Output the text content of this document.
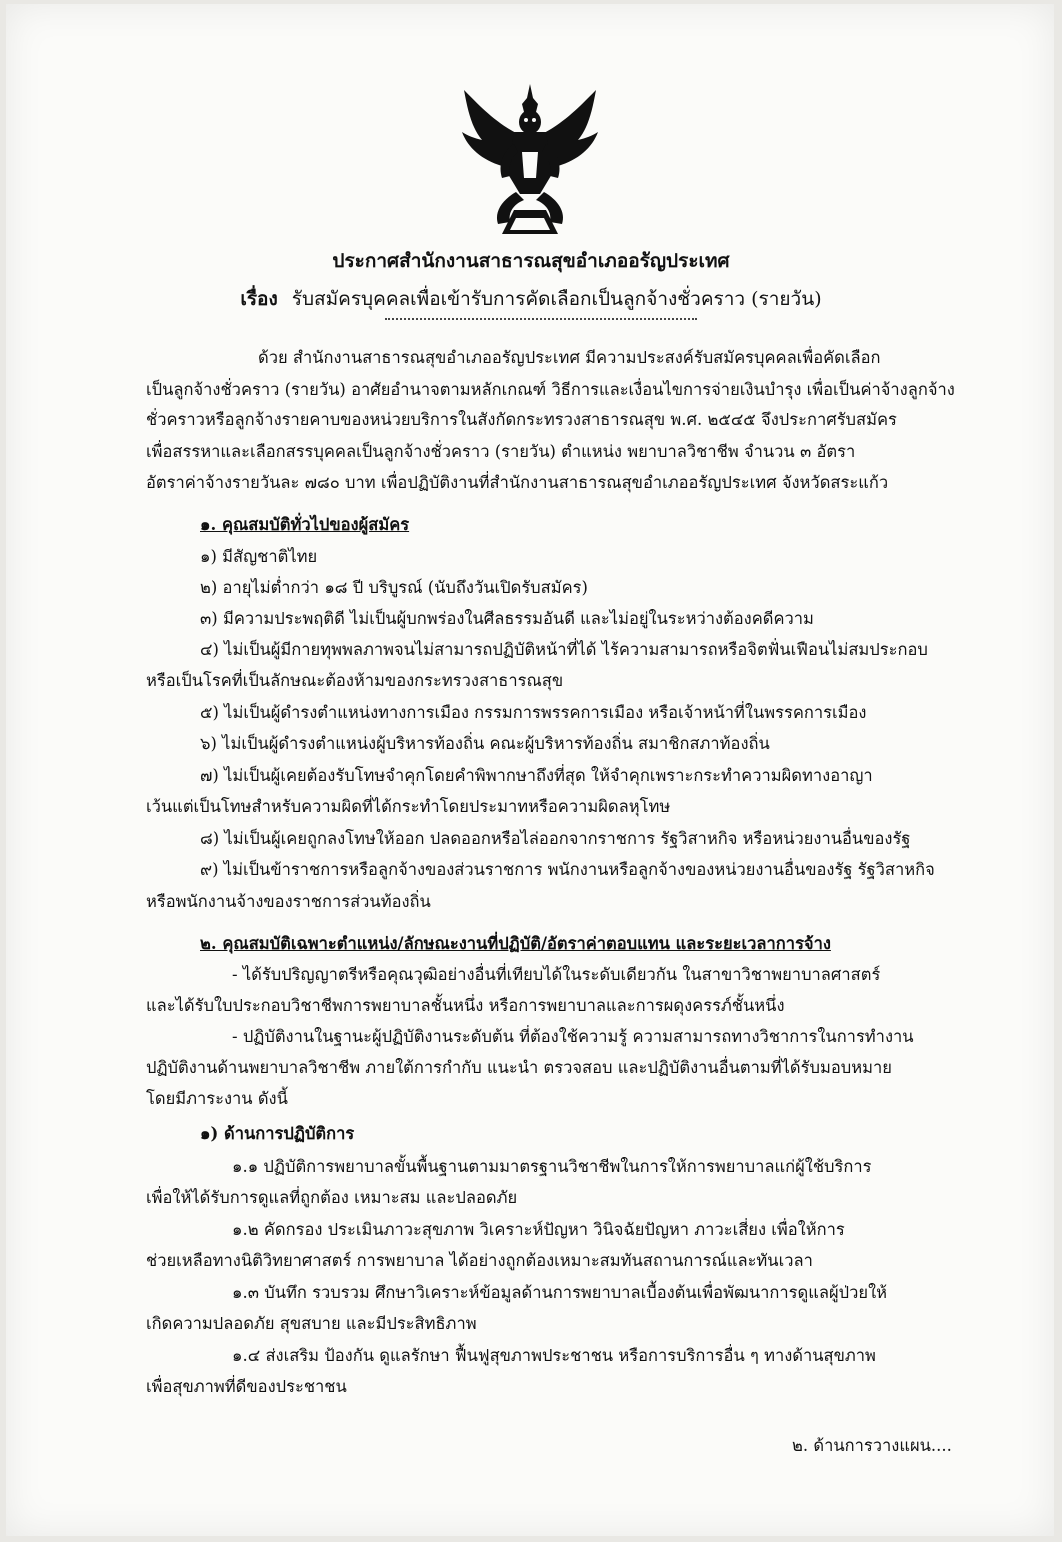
ประกาศสำนักงานสาธารณสุขอำเภออรัญประเทศ
เรื่อง รับสมัครบุคคลเพื่อเข้ารับการคัดเลือกเป็นลูกจ้างชั่วคราว (รายวัน)
ด้วย สำนักงานสาธารณสุขอำเภออรัญประเทศ มีความประสงค์รับสมัครบุคคลเพื่อคัดเลือก
เป็นลูกจ้างชั่วคราว (รายวัน) อาศัยอำนาจตามหลักเกณฑ์ วิธีการและเงื่อนไขการจ่ายเงินบำรุง เพื่อเป็นค่าจ้างลูกจ้าง
ชั่วคราวหรือลูกจ้างรายคาบของหน่วยบริการในสังกัดกระทรวงสาธารณสุข พ.ศ. ๒๕๔๕ จึงประกาศรับสมัคร
เพื่อสรรหาและเลือกสรรบุคคลเป็นลูกจ้างชั่วคราว (รายวัน) ตำแหน่ง พยาบาลวิชาชีพ จำนวน ๓ อัตรา
อัตราค่าจ้างรายวันละ ๗๘๐ บาท เพื่อปฏิบัติงานที่สำนักงานสาธารณสุขอำเภออรัญประเทศ จังหวัดสระแก้ว
๑. คุณสมบัติทั่วไปของผู้สมัคร
๑) มีสัญชาติไทย
๒) อายุไม่ต่ำกว่า ๑๘ ปี บริบูรณ์ (นับถึงวันเปิดรับสมัคร)
๓) มีความประพฤติดี ไม่เป็นผู้บกพร่องในศีลธรรมอันดี และไม่อยู่ในระหว่างต้องคดีความ
๔) ไม่เป็นผู้มีกายทุพพลภาพจนไม่สามารถปฏิบัติหน้าที่ได้ ไร้ความสามารถหรือจิตฟั่นเฟือนไม่สมประกอบ
หรือเป็นโรคที่เป็นลักษณะต้องห้ามของกระทรวงสาธารณสุข
๕) ไม่เป็นผู้ดำรงตำแหน่งทางการเมือง กรรมการพรรคการเมือง หรือเจ้าหน้าที่ในพรรคการเมือง
๖) ไม่เป็นผู้ดำรงตำแหน่งผู้บริหารท้องถิ่น คณะผู้บริหารท้องถิ่น สมาชิกสภาท้องถิ่น
๗) ไม่เป็นผู้เคยต้องรับโทษจำคุกโดยคำพิพากษาถึงที่สุด ให้จำคุกเพราะกระทำความผิดทางอาญา
เว้นแต่เป็นโทษสำหรับความผิดที่ได้กระทำโดยประมาทหรือความผิดลหุโทษ
๘) ไม่เป็นผู้เคยถูกลงโทษให้ออก ปลดออกหรือไล่ออกจากราชการ รัฐวิสาหกิจ หรือหน่วยงานอื่นของรัฐ
๙) ไม่เป็นข้าราชการหรือลูกจ้างของส่วนราชการ พนักงานหรือลูกจ้างของหน่วยงานอื่นของรัฐ รัฐวิสาหกิจ
หรือพนักงานจ้างของราชการส่วนท้องถิ่น
๒. คุณสมบัติเฉพาะตำแหน่ง/ลักษณะงานที่ปฏิบัติ/อัตราค่าตอบแทน และระยะเวลาการจ้าง
- ได้รับปริญญาตรีหรือคุณวุฒิอย่างอื่นที่เทียบได้ในระดับเดียวกัน ในสาขาวิชาพยาบาลศาสตร์
และได้รับใบประกอบวิชาชีพการพยาบาลชั้นหนึ่ง หรือการพยาบาลและการผดุงครรภ์ชั้นหนึ่ง
- ปฏิบัติงานในฐานะผู้ปฏิบัติงานระดับต้น ที่ต้องใช้ความรู้ ความสามารถทางวิชาการในการทำงาน
ปฏิบัติงานด้านพยาบาลวิชาชีพ ภายใต้การกำกับ แนะนำ ตรวจสอบ และปฏิบัติงานอื่นตามที่ได้รับมอบหมาย
โดยมีภาระงาน ดังนี้
๑) ด้านการปฏิบัติการ
๑.๑ ปฏิบัติการพยาบาลขั้นพื้นฐานตามมาตรฐานวิชาชีพในการให้การพยาบาลแก่ผู้ใช้บริการ
เพื่อให้ได้รับการดูแลที่ถูกต้อง เหมาะสม และปลอดภัย
๑.๒ คัดกรอง ประเมินภาวะสุขภาพ วิเคราะห์ปัญหา วินิจฉัยปัญหา ภาวะเสี่ยง เพื่อให้การ
ช่วยเหลือทางนิติวิทยาศาสตร์ การพยาบาล ได้อย่างถูกต้องเหมาะสมทันสถานการณ์และทันเวลา
๑.๓ บันทึก รวบรวม ศึกษาวิเคราะห์ข้อมูลด้านการพยาบาลเบื้องต้นเพื่อพัฒนาการดูแลผู้ป่วยให้
เกิดความปลอดภัย สุขสบาย และมีประสิทธิภาพ
๑.๔ ส่งเสริม ป้องกัน ดูแลรักษา ฟื้นฟูสุขภาพประชาชน หรือการบริการอื่น ๆ ทางด้านสุขภาพ
เพื่อสุขภาพที่ดีของประชาชน
๒. ด้านการวางแผน....
